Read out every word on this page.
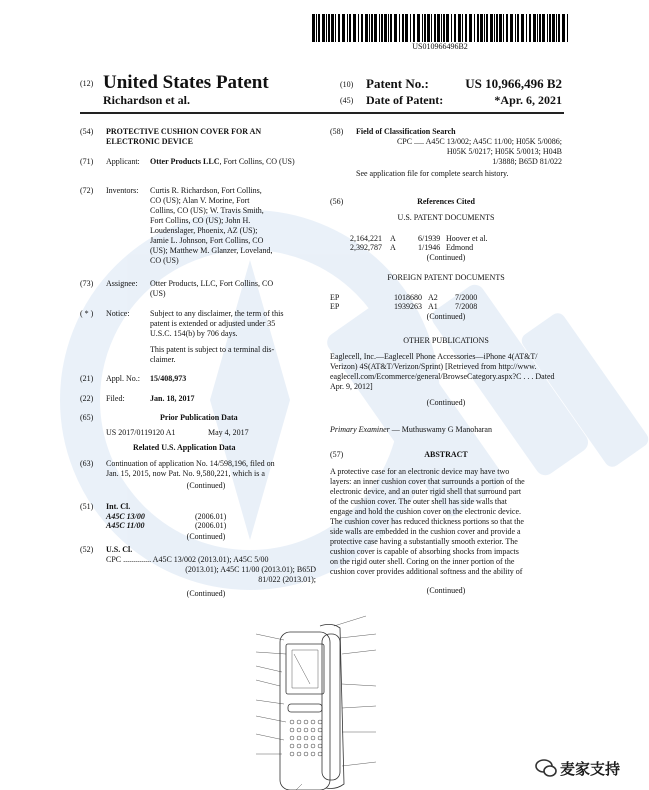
US010966496B2
(12) United States Patent
Richardson et al.
(10) Patent No.:	US 10,966,496 B2
(45) Date of Patent:	*Apr. 6, 2021
(54) PROTECTIVE CUSHION COVER FOR AN ELECTRONIC DEVICE
(71) Applicant: Otter Products LLC, Fort Collins, CO (US)
(72) Inventors: Curtis R. Richardson, Fort Collins,
CO (US); Alan V. Morine, Fort
Collins, CO (US); W. Travis Smith,
Fort Collins, CO (US); John H.
Loudenslager, Phoenix, AZ (US);
Jamie L. Johnson, Fort Collins, CO
(US); Matthew M. Glanzer, Loveland,
CO (US)
(73) Assignee: Otter Products, LLC, Fort Collins, CO
(US)
( * ) Notice:	Subject to any disclaimer, the term of this
patent is extended or adjusted under 35
U.S.C. 154(b) by 706 days.
This patent is subject to a terminal dis-
claimer.
(21) Appl. No.: 15/408,973
(22) Filed:	Jan. 18, 2017
(65)	Prior Publication Data
US 2017/0119120 A1	May 4, 2017
Related U.S. Application Data
(63) Continuation of application No. 14/598,196, filed on
Jan. 15, 2015, now Pat. No. 9,580,221, which is a
(Continued)
(51) Int. Cl.
A45C 13/00	(2006.01)
A45C 11/00	(2006.01)
(Continued)
(52) U.S. Cl.
CPC .............. A45C 13/002 (2013.01); A45C 5/00
(2013.01); A45C 11/00 (2013.01); B65D
81/022 (2013.01);
(Continued)
(58) Field of Classification Search
CPC ..... A45C 13/002; A45C 11/00; H05K 5/0086;
H05K 5/0217; H05K 5/0013; H04B
1/3888; B65D 81/022
See application file for complete search history.
(56)	References Cited
U.S. PATENT DOCUMENTS
2,164,221 A	6/1939 Hoover et al.
2,392,787 A	1/1946 Edmond
(Continued)
FOREIGN PATENT DOCUMENTS
EP	1018680 A2 7/2000
EP	1939263 A1 7/2008
(Continued)
OTHER PUBLICATIONS
Eaglecell, Inc.—Eaglecell Phone Accessories—iPhone 4(AT&T/
Verizon) 4S(AT&T/Verizon/Sprint) [Retrieved from http://www.
eaglecell.com/Ecommerce/general/BrowseCategory.aspx?C . . . Dated
Apr. 9, 2012]
(Continued)
Primary Examiner — Muthuswamy G Manoharan
(57)	ABSTRACT
A protective case for an electronic device may have two
layers: an inner cushion cover that surrounds a portion of the
electronic device, and an outer rigid shell that surround part
of the cushion cover. The outer shell has side walls that
engage and hold the cushion cover on the electronic device.
The cushion cover has reduced thickness portions so that the
side walls are embedded in the cushion cover and provide a
protective case having a substantially smooth exterior. The
cushion cover is capable of absorbing shocks from impacts
on the rigid outer shell. Coring on the inner portion of the
cushion cover provides additional softness and the ability of
(Continued)
麦家支持
